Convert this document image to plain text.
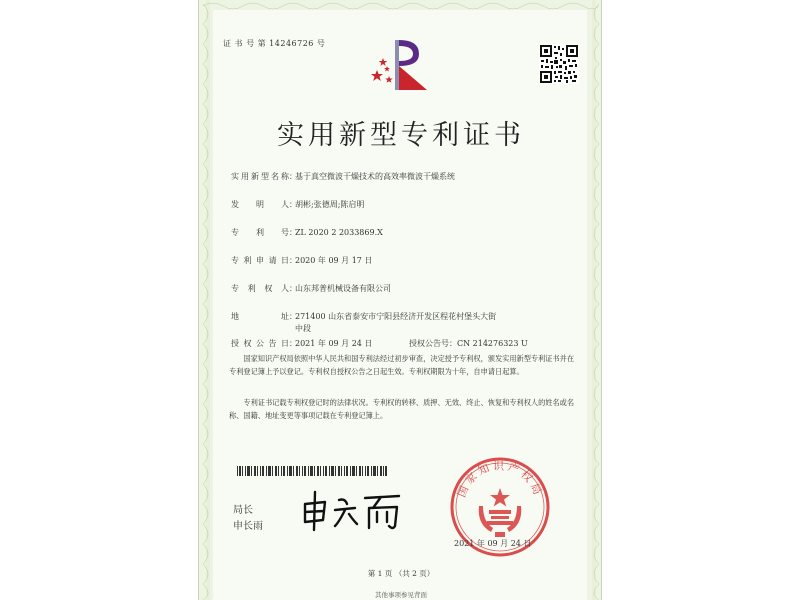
证 书 号 第 14246726 号
实用新型专利证书
实用新型名称：基于真空微波干燥技术的高效率微波干燥系统
发　明　人：胡彬;张德周;陈启明
专　利　号：ZL 2020 2 2033869.X
专利申请日：2020 年 09 月 17 日
专 利 权 人：山东邦普机械设备有限公司
地　　　址：271400 山东省泰安市宁阳县经济开发区程花村堡头大街
中段
授权公告日：2021 年 09 月 24 日	授权公告号：CN 214276323 U
国家知识产权局依照中华人民共和国专利法经过初步审查，决定授予专利权，颁发实用新型专利证书并在专利登记簿上予以登记。专利权自授权公告之日起生效。专利权期限为十年，自申请日起算。
专利证书记载专利权登记时的法律状况。专利权的转移、质押、无效、终止、恢复和专利权人的姓名或名称、国籍、地址变更等事项记载在专利登记簿上。
局长
申长雨
国家知识产权局
2021 年 09 月 24 日
第 1 页 （共 2 页）
其他事项参见背面
